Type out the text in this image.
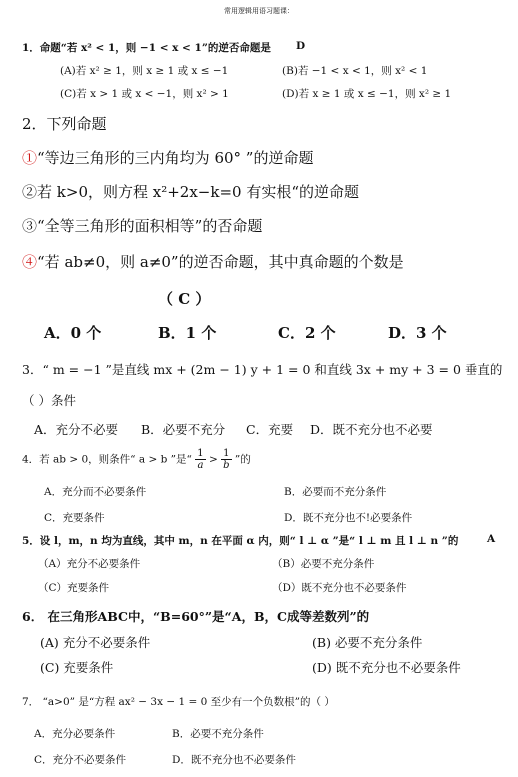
常用逻辑用语习题课：
1．命题“若 x² < 1，则 −1 < x < 1”的逆否命题是 D
(A)若 x² ≥ 1，则 x ≥ 1 或 x ≤ −1	(B)若 −1 < x < 1，则 x² < 1
(C)若 x > 1 或 x < −1，则 x² > 1	(D)若 x ≥ 1 或 x ≤ −1，则 x² ≥ 1
2．下列命题
①“等边三角形的三内角均为 60° ”的逆命题
②若 k>0，则方程 x²+2x−k=0 有实根“的逆命题
③“全等三角形的面积相等”的否命题
④“若 ab≠0，则 a≠0”的逆否命题，其中真命题的个数是
（ C ）
A．0 个	B．1 个	C．2 个	D．3 个
3．“ m = −1 ”是直线 mx + (2m − 1) y + 1 = 0 和直线 3x + my + 3 = 0 垂直的
（ ）条件
A．充分不必要 B．必要不充分 C．充要 D．既不充分也不必要
4．若 ab > 0，则条件“ a > b ”是“ $\frac{1}{a} > \frac{1}{b}$ ”的
A．充分而不必要条件	B．必要而不充分条件
C．充要条件	D．既不充分也不!必要条件
5．设 l，m，n 均为直线，其中 m，n 在平面 α 内，则“ l ⊥ α ”是“ l ⊥ m 且 l ⊥ n ”的	A
（A）充分不必要条件	（B）必要不充分条件
（C）充要条件	（D）既不充分也不必要条件
6． 在三角形ABC中，“B=60°”是“A，B，C成等差数列”的
(A) 充分不必要条件	(B) 必要不充分条件
(C) 充要条件	(D) 既不充分也不必要条件
7． “a>0” 是“方程 ax² − 3x − 1 = 0 至少有一个负数根”的（ ）
A．充分必要条件	B．必要不充分条件
C．充分不必要条件	D．既不充分也不必要条件
